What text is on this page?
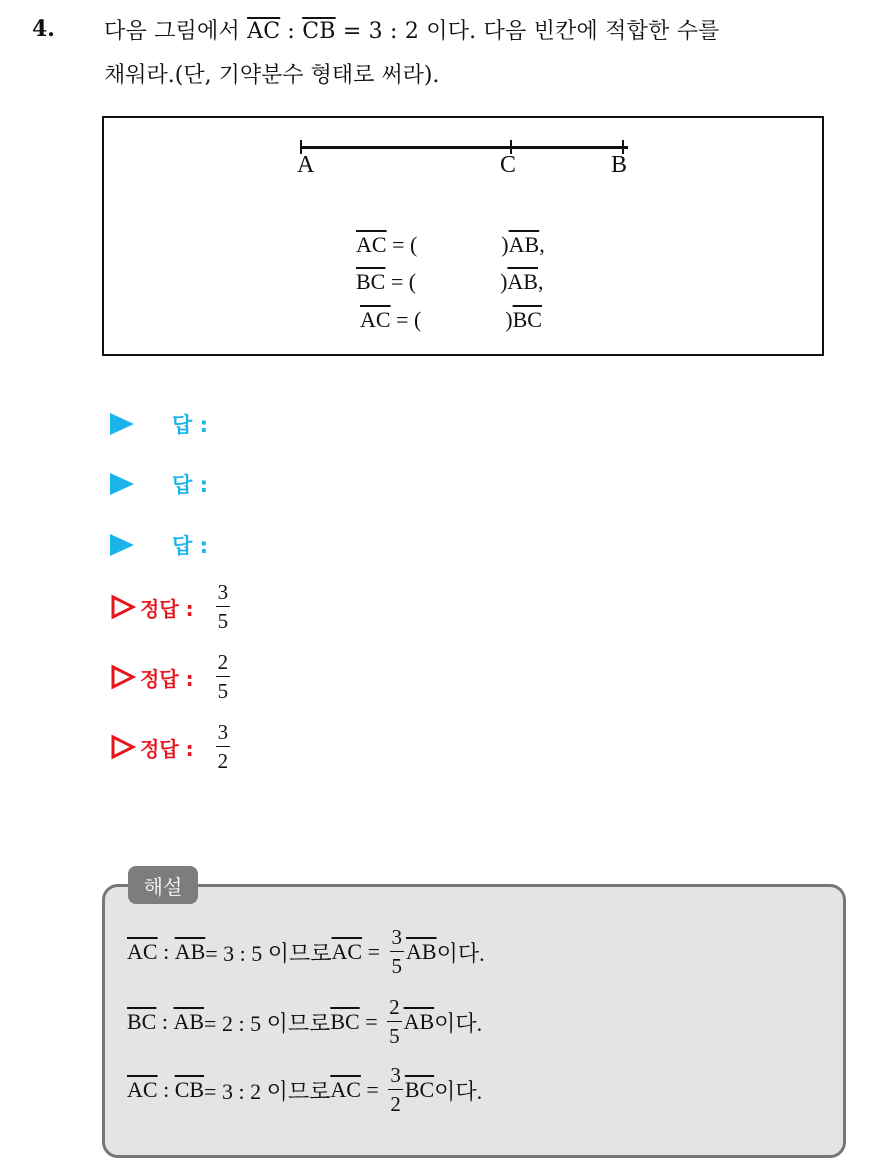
4. 다음 그림에서 $\overline{AC}$ : $\overline{CB} = 3$ : 2 이다. 다음 빈칸에 적합한 수를
채워라.(단, 기약분수 형태로 써라).
A	C	B
$\overline{AC}$ = (	)$\overline{AB}$,
$\overline{BC}$ = (	)$\overline{AB}$,
$\overline{AC}$ = (	)$\overline{BC}$
답 :
답 :
답 :
정답 : $\frac{3}{5}$
정답 : $\frac{2}{5}$
정답 : $\frac{3}{2}$
$\overline{AC}$ : $\overline{AB} = 3$ : 5 이므로 $\overline{AC} = \frac{3}{5} \overline{AB}$ 이다.
$\overline{BC}$ : $\overline{AB} = 2$ : 5 이므로 $\overline{BC} = \frac{2}{5} \overline{AB}$ 이다.
$\overline{AC}$ : $\overline{CB} = 3$ : 2 이므로 $\overline{AC} = \frac{3}{2} \overline{BC}$ 이다.
해설
